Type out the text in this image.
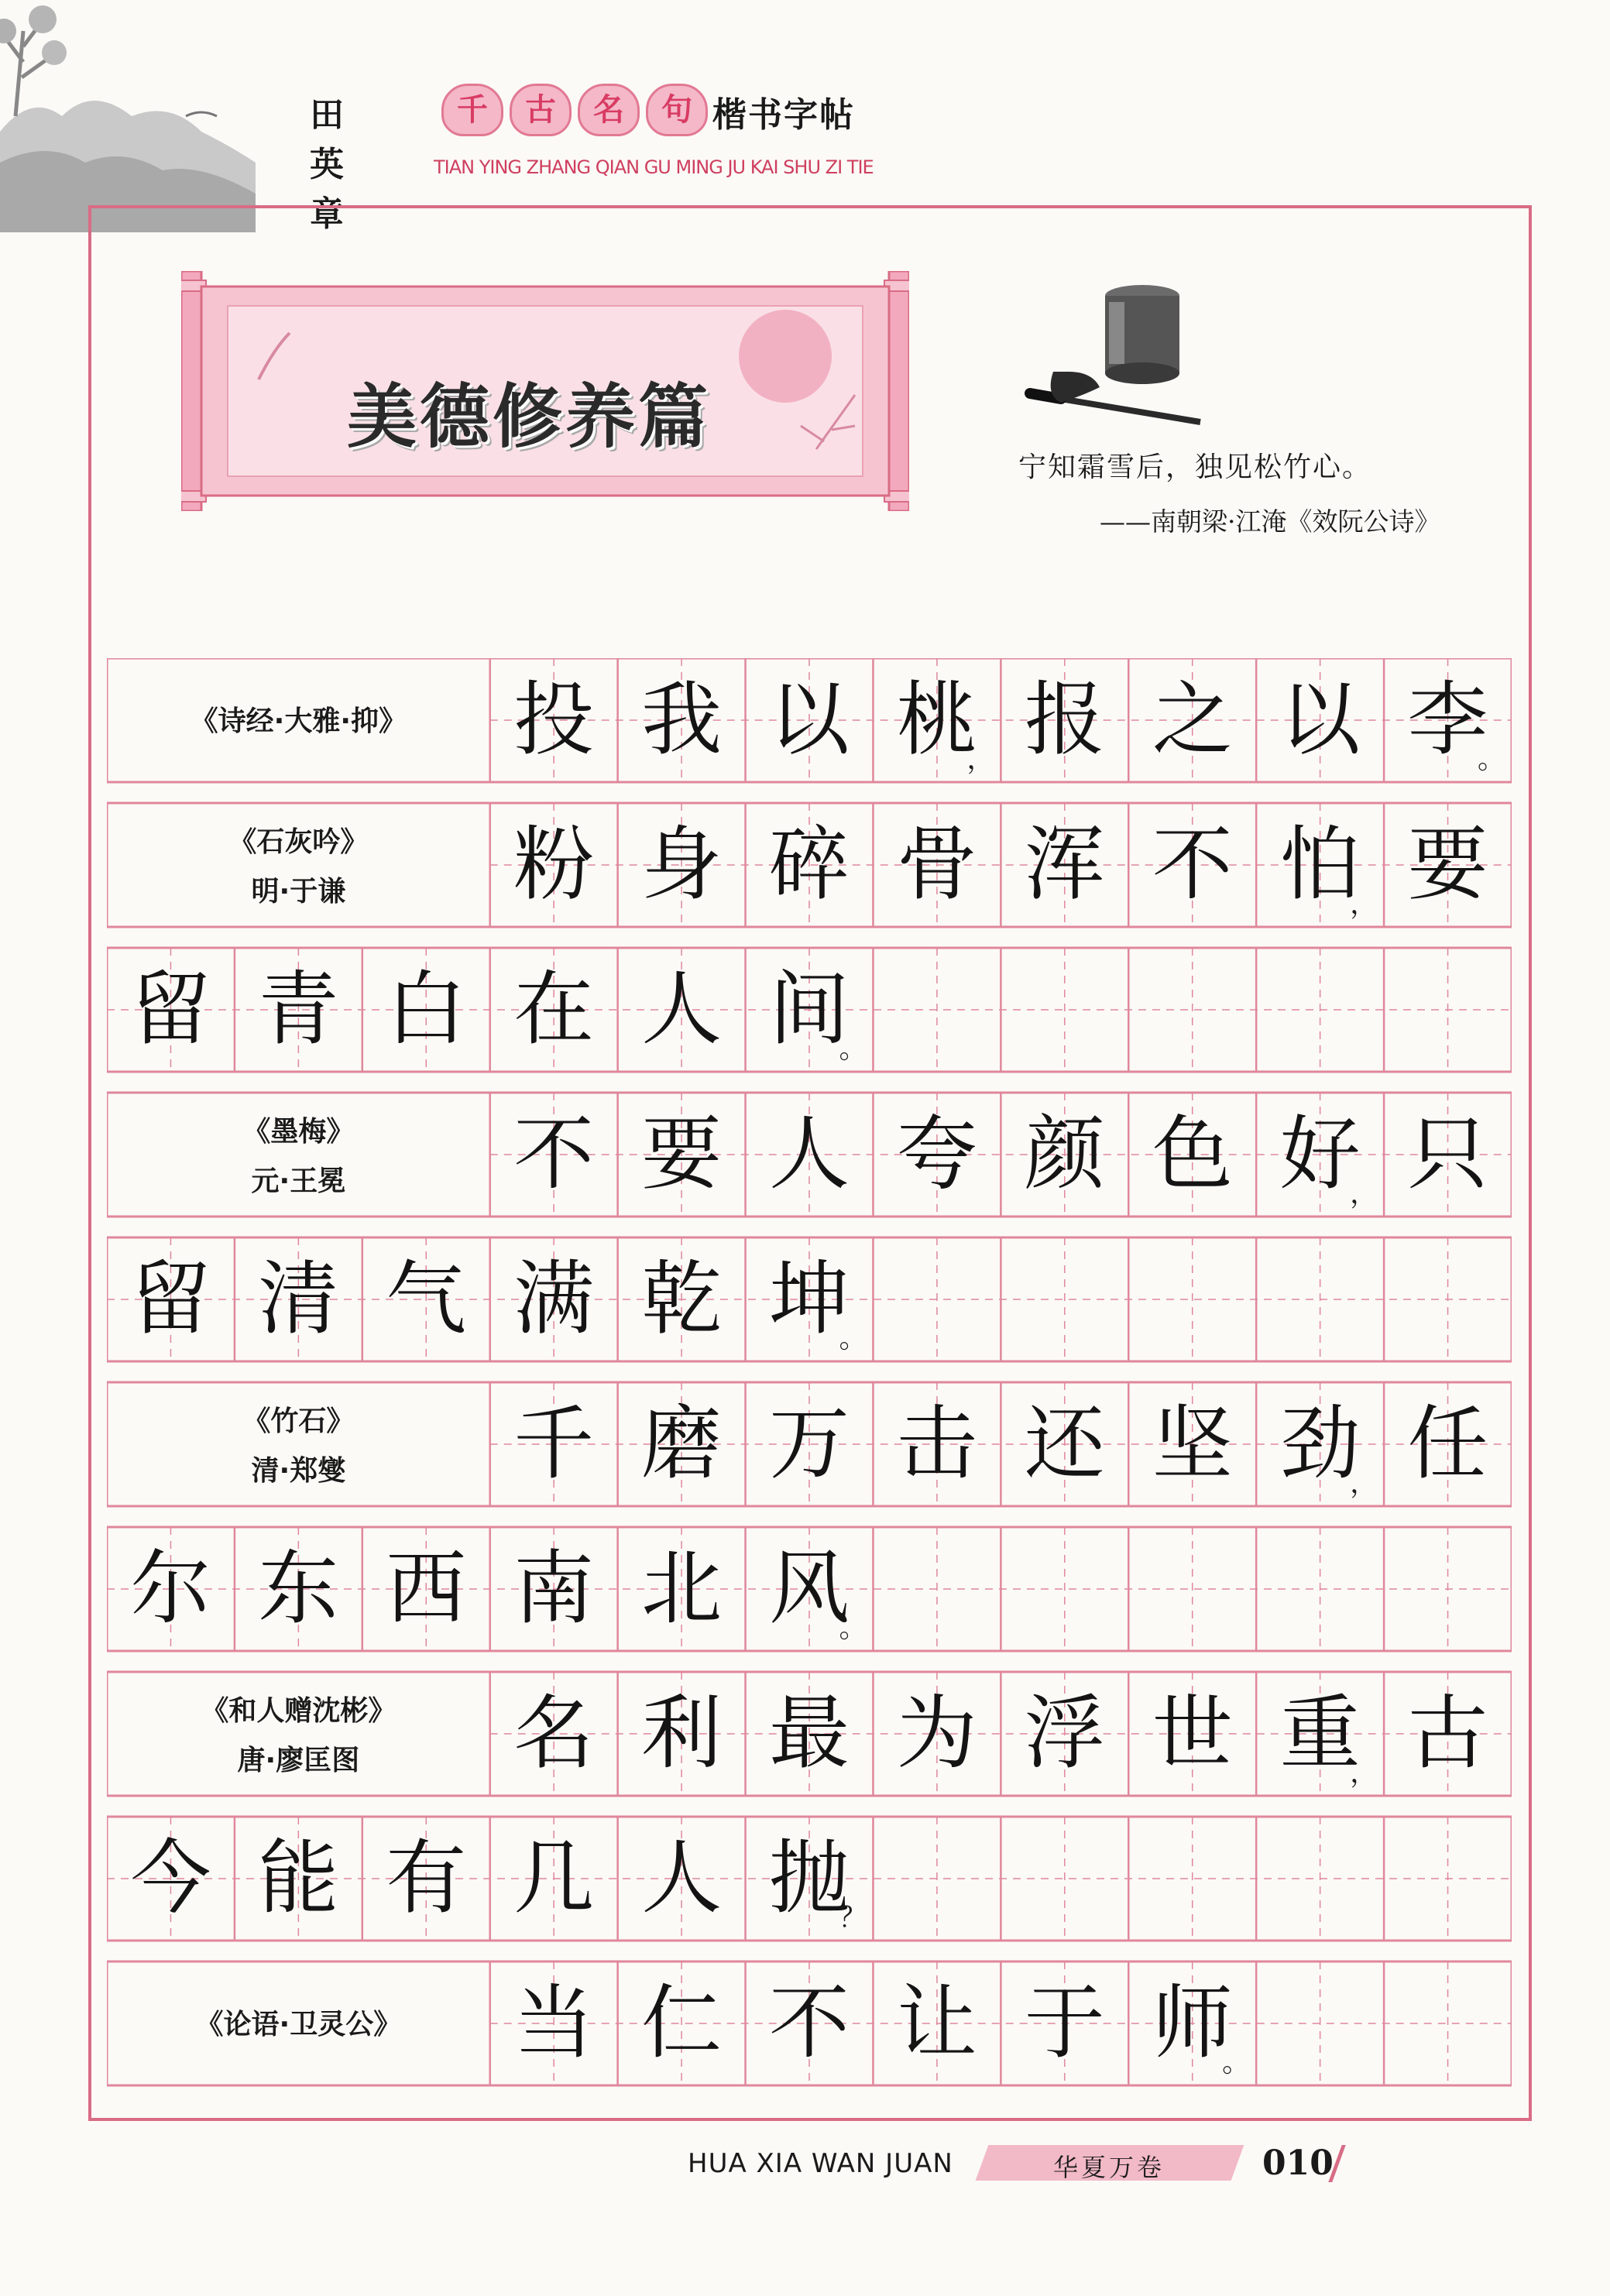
田英章
千	古	名	句 楷书字帖
TIAN YING ZHANG QIAN GU MING JU KAI SHU ZI TIE
美德修养篇
宁知霜雪后，独见松竹心。
——南朝梁·江淹《效阮公诗》
《诗经·大雅·抑》 投 我 以 桃 报 之 以 李
，	。
《石灰吟》
明·于谦 粉 身 碎 骨 浑 不 怕 要
，
留 青 白 在 人 间
。
《墨梅》
元·王冕 不 要 人 夸 颜 色 好 只
，
留 清 气 满 乾 坤
。
《竹石》
清·郑燮 千 磨 万 击 还 坚 劲 任
，
尔 东 西 南 北 风
。
《和人赠沈彬》
唐·廖匡图 名 利 最 为 浮 世 重 古
，
今 能 有 几 人 抛
？
《论语·卫灵公》 当 仁 不 让 于 师
。
HUA XIA WAN JUAN	华夏万卷	010
